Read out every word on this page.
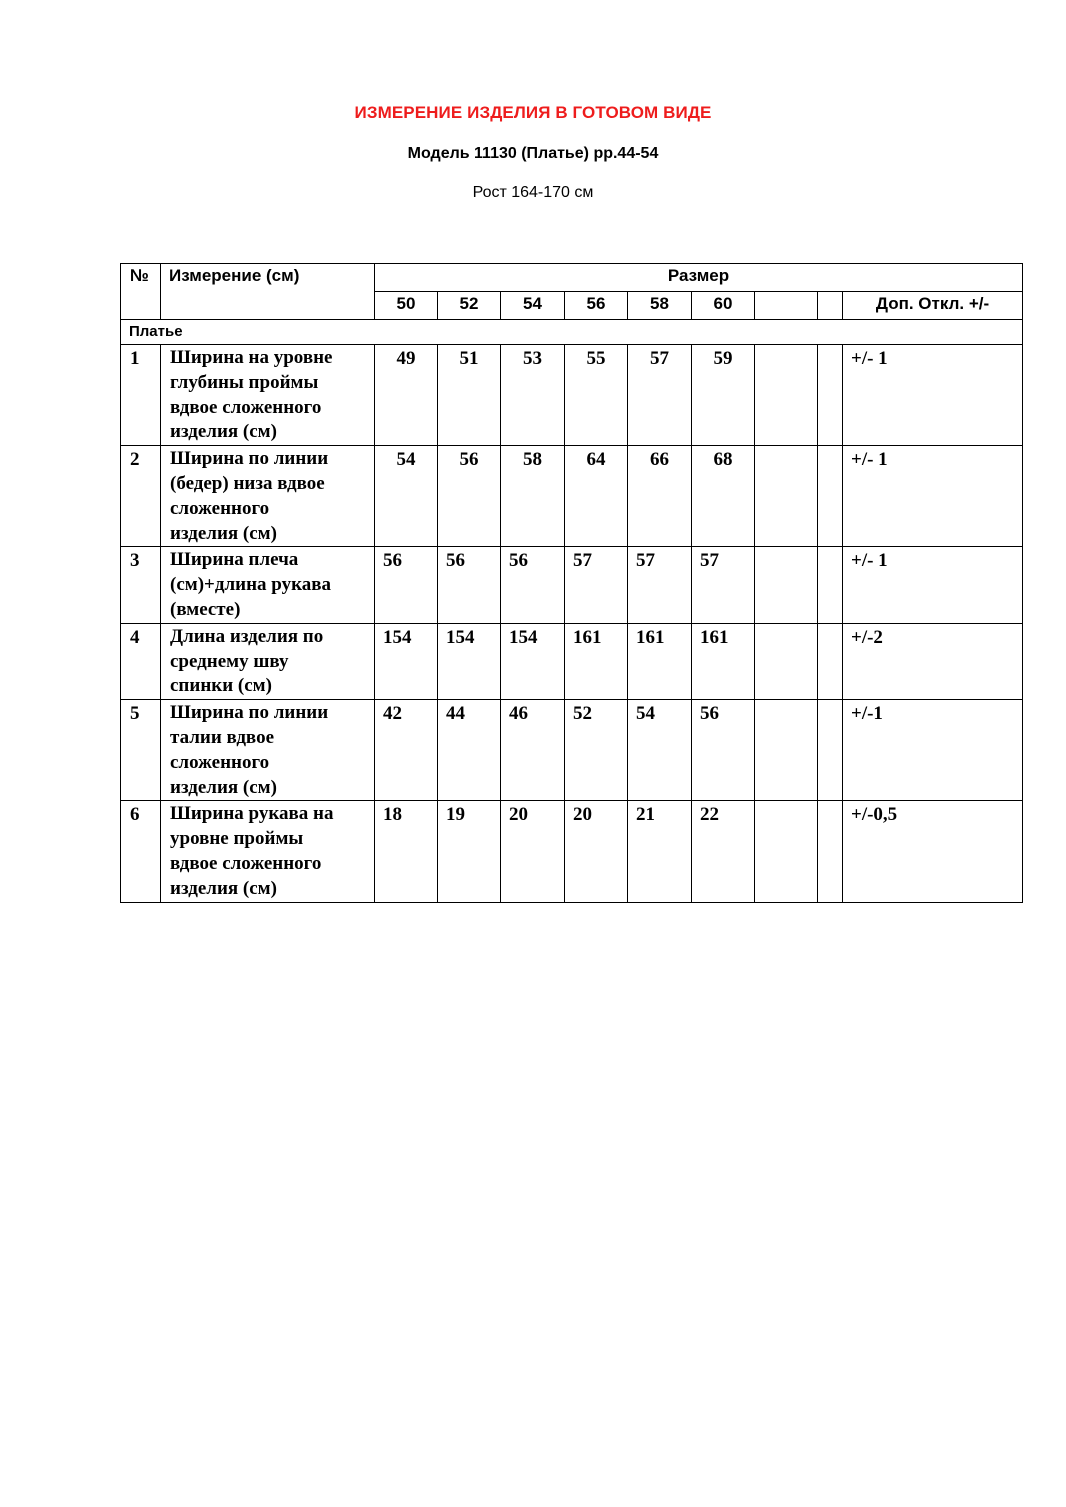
ИЗМЕРЕНИЕ ИЗДЕЛИЯ В ГОТОВОМ ВИДЕ
Модель 11130 (Платье) рр.44-54
Рост 164-170 см
№	Измерение (см)	Размер								
		50	52	54	56	58	60			Доп. Откл. +/-
Платье										
1	Ширина на уровне
глубины проймы
вдвое сложенного
изделия (см)	49	51	53	55	57	59			+/- 1
2	Ширина по линии
(бедер) низа вдвое
сложенного
изделия (см)	54	56	58	64	66	68			+/- 1
3	Ширина плеча
(см)+длина рукава
(вместе)	56	56	56	57	57	57			+/- 1
4	Длина изделия по
среднему шву
спинки (см)	154	154	154	161	161	161			+/-2
5	Ширина по линии
талии вдвое
сложенного
изделия (см)	42	44	46	52	54	56			+/-1
6	Ширина рукава на
уровне проймы
вдвое сложенного
изделия (см)	18	19	20	20	21	22			+/-0,5
